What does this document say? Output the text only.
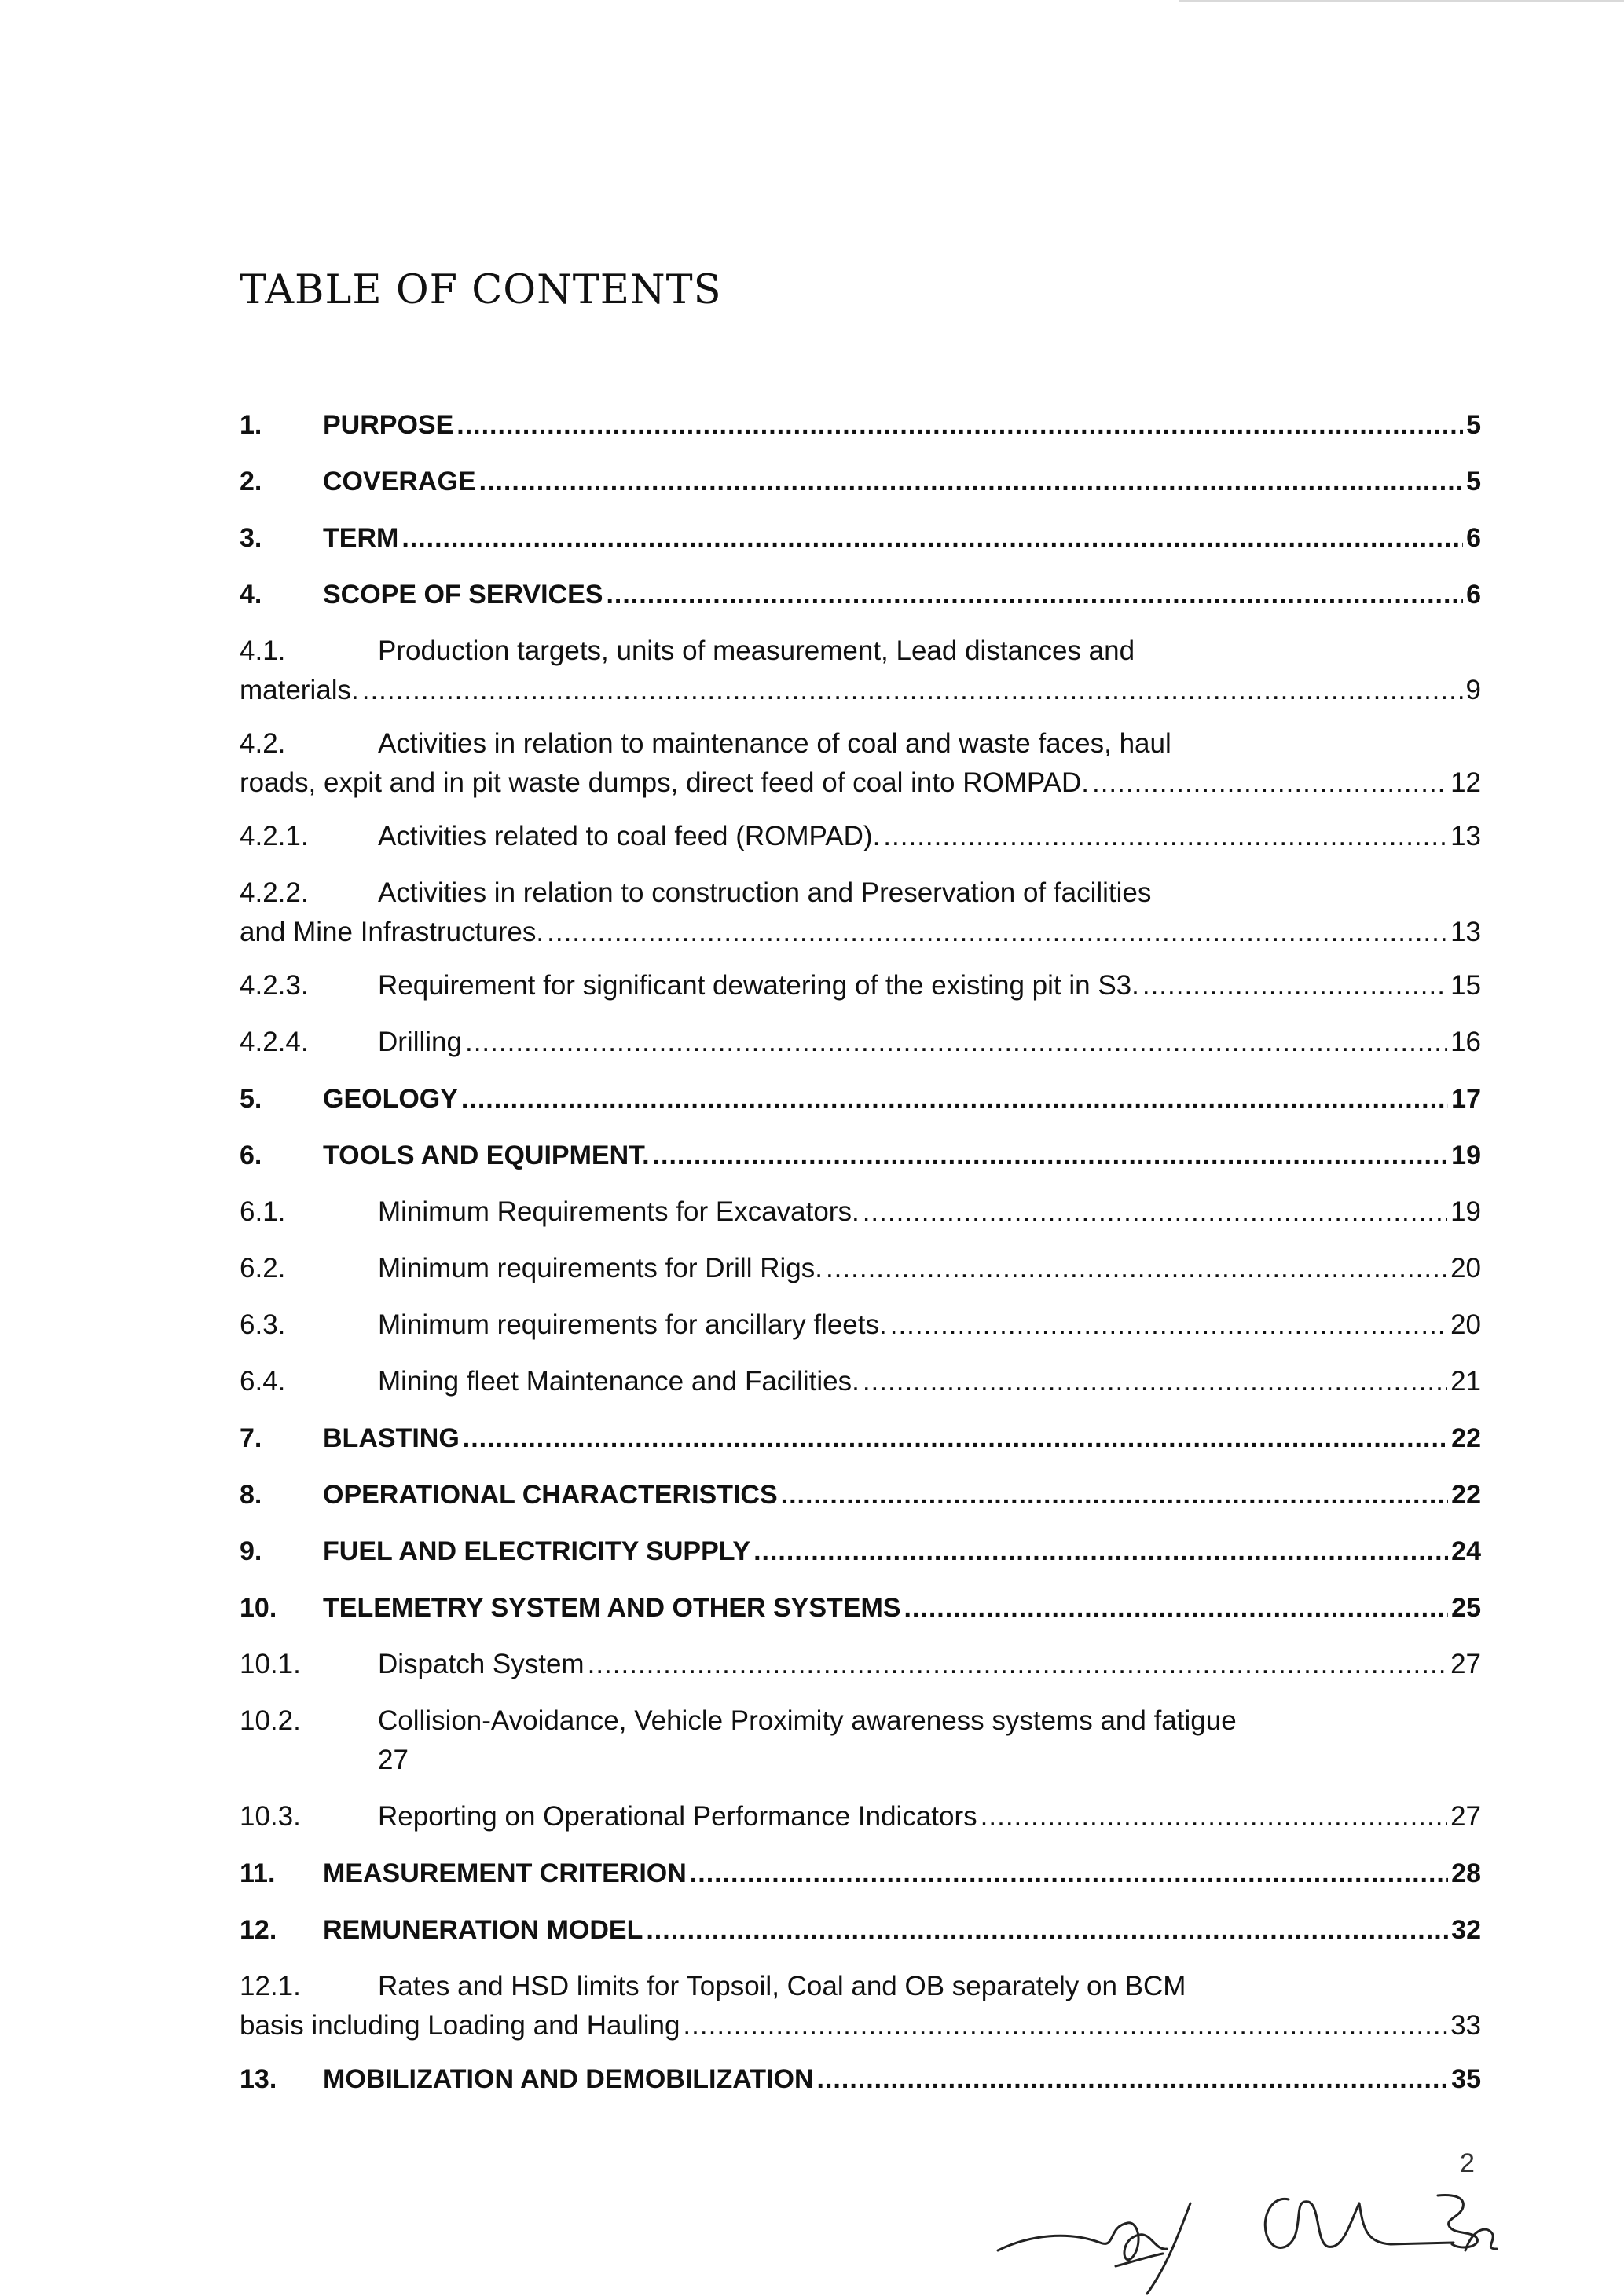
TABLE OF CONTENTS
1.	PURPOSE .....	5
2.	COVERAGE .....	5
3.	TERM .....	6
4.	SCOPE OF SERVICES .....	6
4.1.	Production targets, units of measurement, Lead distances and
materials. .....	9
4.2.	Activities in relation to maintenance of coal and waste faces, haul
roads, expit and in pit waste dumps, direct feed of coal into ROMPAD. .....	12
4.2.1.	Activities related to coal feed (ROMPAD). .....	13
4.2.2.	Activities in relation to construction and Preservation of facilities
and Mine Infrastructures. .....	13
4.2.3.	Requirement for significant dewatering of the existing pit in S3. .....	15
4.2.4.	Drilling .....	16
5.	GEOLOGY .....	17
6.	TOOLS AND EQUIPMENT. .....	19
6.1.	Minimum Requirements for Excavators. .....	19
6.2.	Minimum requirements for Drill Rigs. .....	20
6.3.	Minimum requirements for ancillary fleets. .....	20
6.4.	Mining fleet Maintenance and Facilities. .....	21
7.	BLASTING .....	22
8.	OPERATIONAL CHARACTERISTICS .....	22
9.	FUEL AND ELECTRICITY SUPPLY .....	24
10.	TELEMETRY SYSTEM AND OTHER SYSTEMS .....	25
10.1.	Dispatch System .....	27
10.2.	Collision-Avoidance, Vehicle Proximity awareness systems and fatigue
27
10.3.	Reporting on Operational Performance Indicators .....	27
11.	MEASUREMENT CRITERION .....	28
12.	REMUNERATION MODEL .....	32
12.1.	Rates and HSD limits for Topsoil, Coal and OB separately on BCM
basis including Loading and Hauling .....	33
13.	MOBILIZATION AND DEMOBILIZATION .....	35
2
